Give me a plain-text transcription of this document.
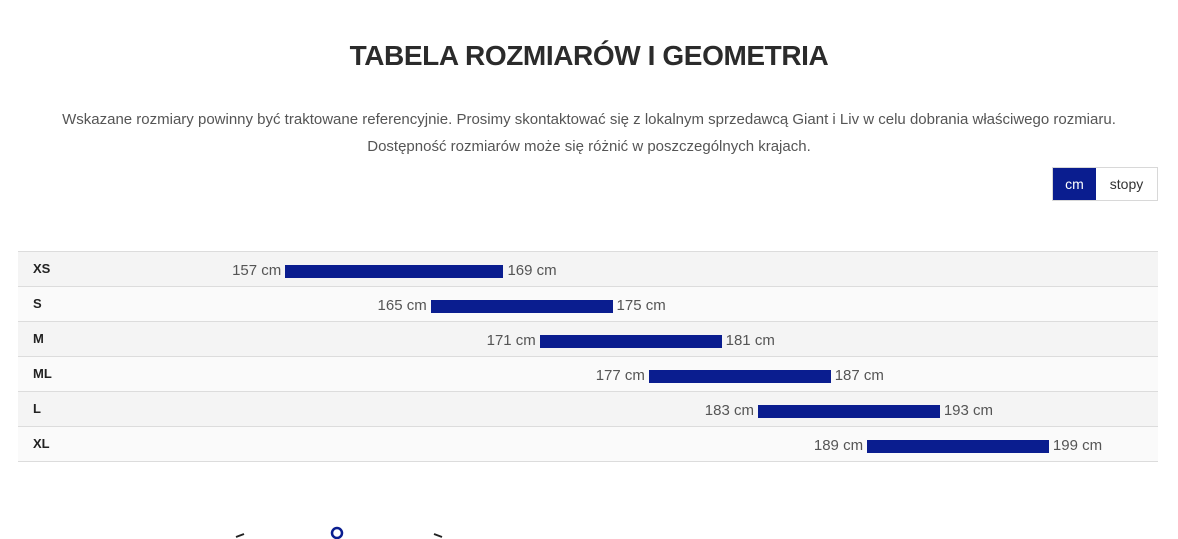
TABELA ROZMIARÓW I GEOMETRIA
Wskazane rozmiary powinny być traktowane referencyjnie. Prosimy skontaktować się z lokalnym sprzedawcą Giant i Liv w celu dobrania właściwego rozmiaru.
Dostępność rozmiarów może się różnić w poszczególnych krajach.
cm	stopy
XS	157 cm	169 cm
S	165 cm	175 cm
M	171 cm	181 cm
ML	177 cm	187 cm
L	183 cm	193 cm
XL	189 cm	199 cm
